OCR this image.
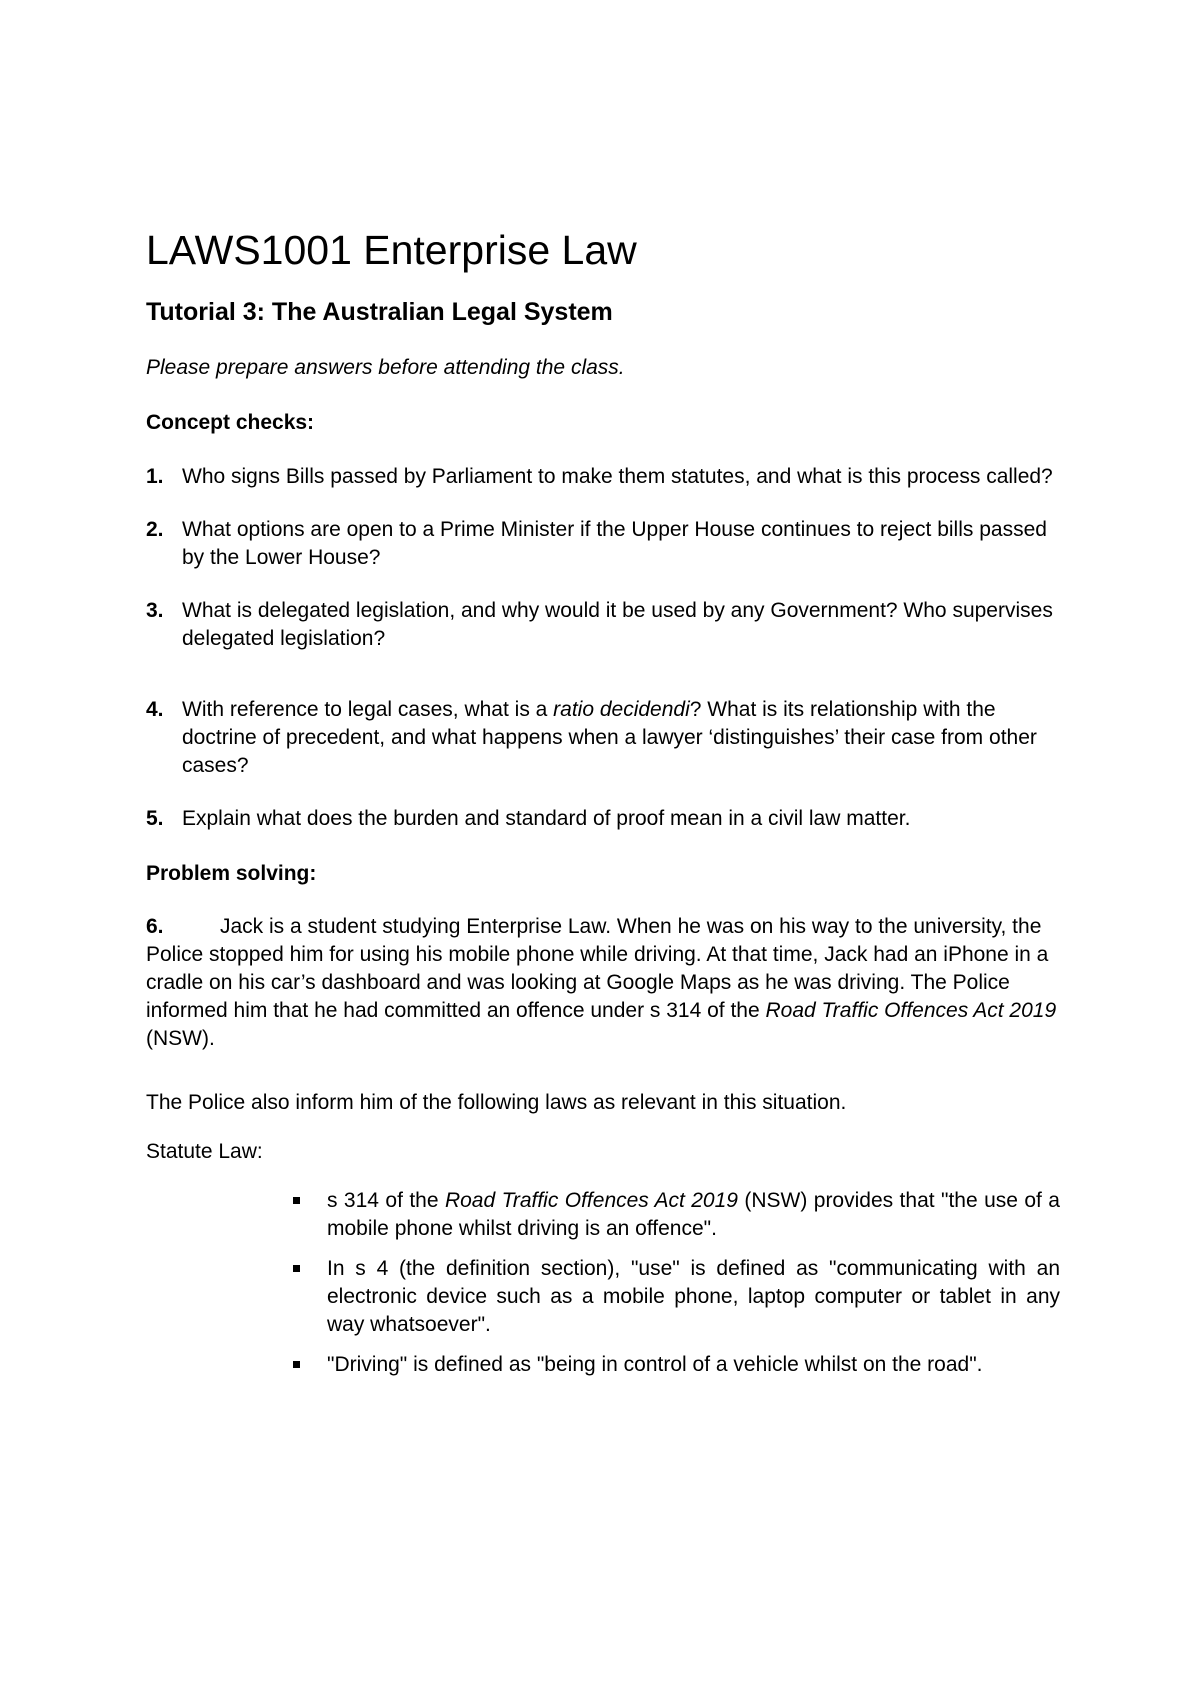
LAWS1001 Enterprise Law
Tutorial 3: The Australian Legal System

Please prepare answers before attending the class.

Concept checks:
1. Who signs Bills passed by Parliament to make them statutes, and what is this process called?
2. What options are open to a Prime Minister if the Upper House continues to reject bills passed by the Lower House?
3. What is delegated legislation, and why would it be used by any Government? Who supervises delegated legislation?
4. With reference to legal cases, what is a ratio decidendi? What is its relationship with the doctrine of precedent, and what happens when a lawyer ‘distinguishes’ their case from other cases?
5. Explain what does the burden and standard of proof mean in a civil law matter.
Problem solving:

6.	Jack is a student studying Enterprise Law. When he was on his way to the university, the Police stopped him for using his mobile phone while driving. At that time, Jack had an iPhone in a cradle on his car’s dashboard and was looking at Google Maps as he was driving. The Police informed him that he had committed an offence under s 314 of the Road Traffic Offences Act 2019 (NSW).

The Police also inform him of the following laws as relevant in this situation.

Statute Law:

s 314 of the Road Traffic Offences Act 2019 (NSW) provides that "the use of a mobile phone whilst driving is an offence".
In s 4 (the definition section), "use" is defined as "communicating with an electronic device such as a mobile phone, laptop computer or tablet in any way whatsoever".
"Driving" is defined as "being in control of a vehicle whilst on the road".
